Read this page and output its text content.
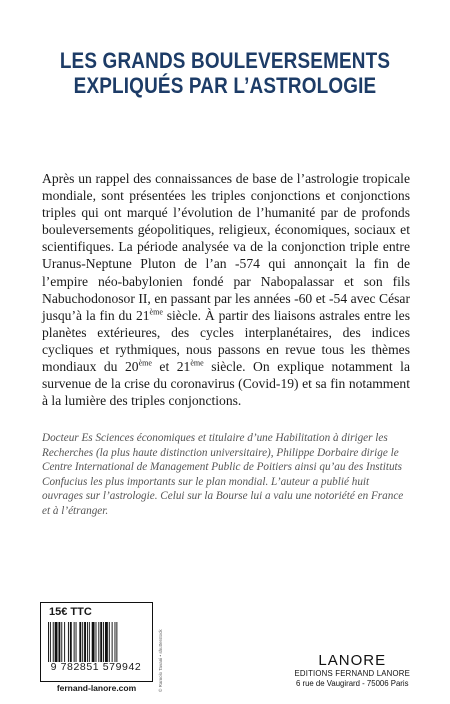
LES GRANDS BOULEVERSEMENTS
EXPLIQUÉS PAR L’ASTROLOGIE
Après un rappel des connaissances de base de l’astrologie tropicale mondiale, sont présentées les triples conjonctions et conjonctions triples qui ont marqué l’évolution de l’humanité par de profonds bouleversements géopolitiques, religieux, économiques, sociaux et scientifiques. La période analysée va de la conjonction triple entre Uranus-Neptune Pluton de l’an -574 qui annonçait la fin de l’empire néo-babylonien fondé par Nabopalassar et son fils Nabuchodonosor II, en passant par les années -60 et -54 avec César jusqu’à la fin du 21ème siècle. À partir des liaisons astrales entre les planètes extérieures, des cycles interplanétaires, des indices cycliques et rythmiques, nous passons en revue tous les thèmes mondiaux du 20ème et 21ème siècle. On explique notamment la survenue de la crise du coronavirus (Covid-19) et sa fin notamment à la lumière des triples conjonctions.
Docteur Es Sciences économiques et titulaire d’une Habilitation à diriger les Recherches (la plus haute distinction universitaire), Philippe Dorbaire dirige le Centre International de Management Public de Poitiers ainsi qu’au des Instituts Confucius les plus importants sur le plan mondial. L’auteur a publié huit ouvrages sur l’astrologie. Celui sur la Bourse lui a valu une notoriété en France et à l’étranger.
15€ TTC
9 782851 579942
fernand-lanore.com	© Ramolo Tavani • shutterstock	LANORE
EDITIONS FERNAND LANORE
6 rue de Vaugirard - 75006 Paris
